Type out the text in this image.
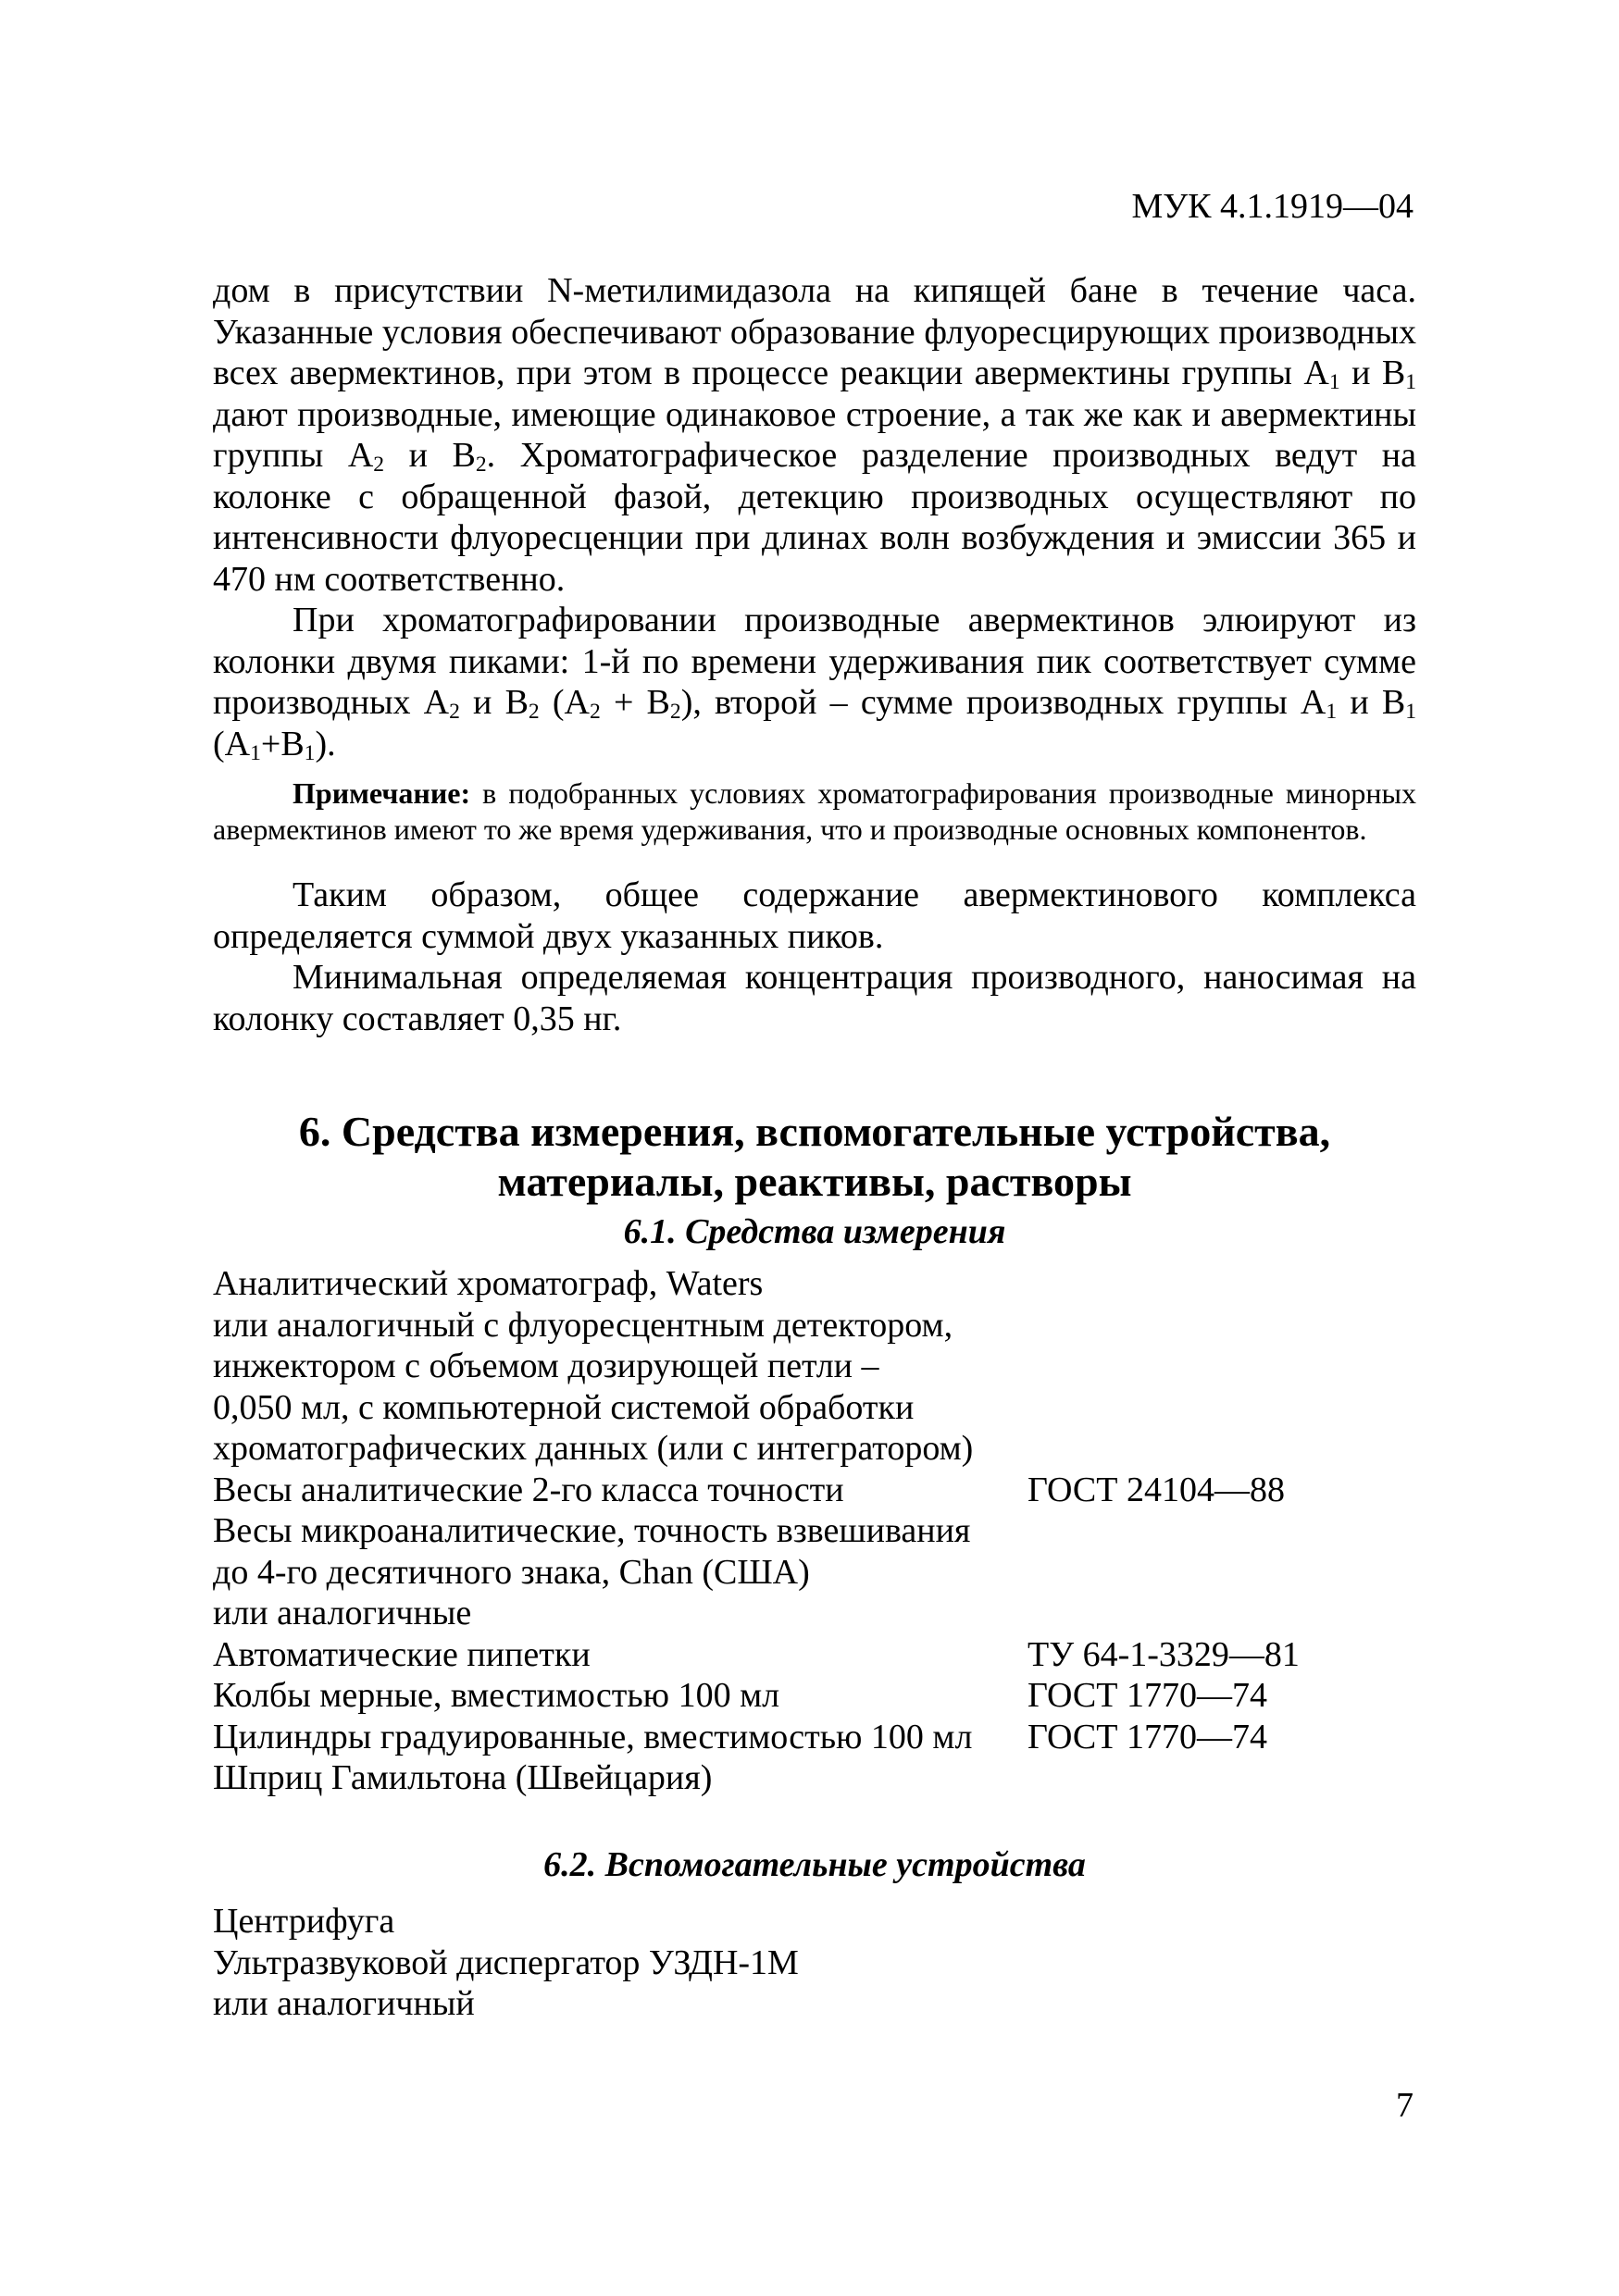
МУК 4.1.1919—04

дом в присутствии N-метилимидазола на кипящей бане в течение часа. Указанные условия обеспечивают образование флуоресцирующих производных всех авермектинов, при этом в процессе реакции авермектины группы $A_1$ и $B_1$ дают производные, имеющие одинаковое строение, а так же как и авермектины группы $A_2$ и $B_2$. Хроматографическое разделение производных ведут на колонке с обращенной фазой, детекцию производных осуществляют по интенсивности флуоресценции при длинах волн возбуждения и эмиссии 365 и 470 нм соответственно.

При хроматографировании производные авермектинов элюируют из колонки двумя пиками: 1-й по времени удерживания пик соответствует сумме производных $A_2$ и $B_2$ $(A_2 + B_2)$, второй – сумме производных группы $A_1$ и $B_1$ $(A_1+B_1)$.

Примечание: в подобранных условиях хроматографирования производные минорных авермектинов имеют то же время удерживания, что и производные основных компонентов.

Таким образом, общее содержание авермектинового комплекса определяется суммой двух указанных пиков.

Минимальная определяемая концентрация производного, наносимая на колонку составляет 0,35 нг.

6. Средства измерения, вспомогательные устройства,
материалы, реактивы, растворы
6.1. Средства измерения
Аналитический хроматограф, Waters
или аналогичный с флуоресцентным детектором,
инжектором с объемом дозирующей петли –
0,050 мл, с компьютерной системой обработки
хроматографических данных (или с интегратором)
Весы аналитические 2-го класса точности	ГОСТ 24104—88
Весы микроаналитические, точность взвешивания
до 4-го десятичного знака, Chan (США)
или аналогичные
Автоматические пипетки	ТУ 64-1-3329—81
Колбы мерные, вместимостью 100 мл	ГОСТ 1770—74
Цилиндры градуированные, вместимостью 100 мл	ГОСТ 1770—74
Шприц Гамильтона (Швейцария)
6.2. Вспомогательные устройства
Центрифуга
Ультразвуковой диспергатор УЗДН-1М
или аналогичный
7
